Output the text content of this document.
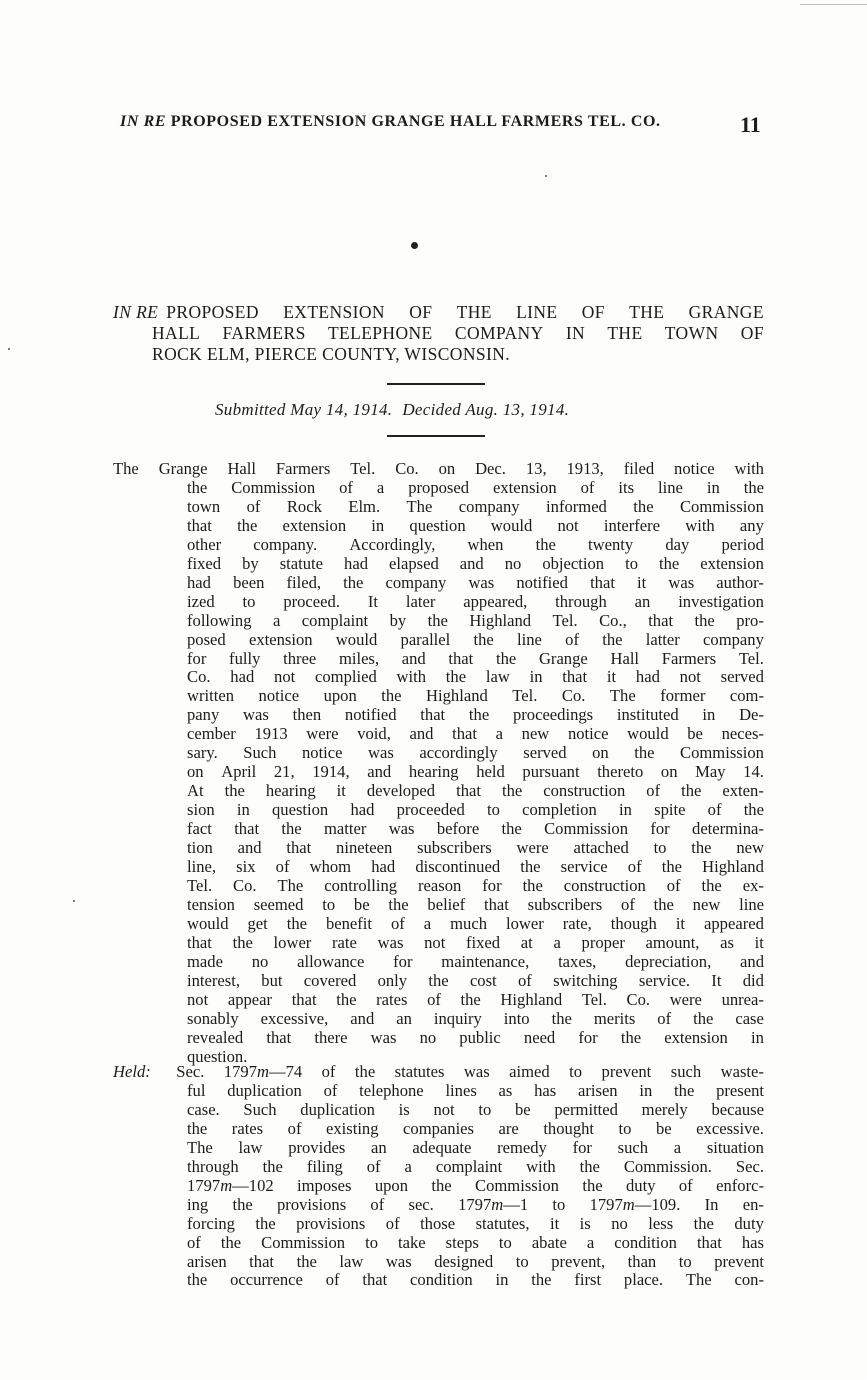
IN RE PROPOSED EXTENSION GRANGE HALL FARMERS TEL. CO.	11
IN RE PROPOSED EXTENSION OF THE LINE OF THE GRANGE
HALL FARMERS TELEPHONE COMPANY IN THE TOWN OF
ROCK ELM, PIERCE COUNTY, WISCONSIN.
Submitted May 14, 1914. Decided Aug. 13, 1914.
The Grange Hall Farmers Tel. Co. on Dec. 13, 1913, filed notice with
the Commission of a proposed extension of its line in the
town of Rock Elm. The company informed the Commission
that the extension in question would not interfere with any
other company. Accordingly, when the twenty day period
fixed by statute had elapsed and no objection to the extension
had been filed, the company was notified that it was author-
ized to proceed. It later appeared, through an investigation
following a complaint by the Highland Tel. Co., that the pro-
posed extension would parallel the line of the latter company
for fully three miles, and that the Grange Hall Farmers Tel.
Co. had not complied with the law in that it had not served
written notice upon the Highland Tel. Co. The former com-
pany was then notified that the proceedings instituted in De-
cember 1913 were void, and that a new notice would be neces-
sary. Such notice was accordingly served on the Commission
on April 21, 1914, and hearing held pursuant thereto on May 14.
At the hearing it developed that the construction of the exten-
sion in question had proceeded to completion in spite of the
fact that the matter was before the Commission for determina-
tion and that nineteen subscribers were attached to the new
line, six of whom had discontinued the service of the Highland
Tel. Co. The controlling reason for the construction of the ex-
tension seemed to be the belief that subscribers of the new line
would get the benefit of a much lower rate, though it appeared
that the lower rate was not fixed at a proper amount, as it
made no allowance for maintenance, taxes, depreciation, and
interest, but covered only the cost of switching service. It did
not appear that the rates of the Highland Tel. Co. were unrea-
sonably excessive, and an inquiry into the merits of the case
revealed that there was no public need for the extension in
question.
Held: Sec. 1797m—74 of the statutes was aimed to prevent such waste-
ful duplication of telephone lines as has arisen in the present
case. Such duplication is not to be permitted merely because
the rates of existing companies are thought to be excessive.
The law provides an adequate remedy for such a situation
through the filing of a complaint with the Commission. Sec.
1797m—102 imposes upon the Commission the duty of enforc-
ing the provisions of sec. 1797m—1 to 1797m—109. In en-
forcing the provisions of those statutes, it is no less the duty
of the Commission to take steps to abate a condition that has
arisen that the law was designed to prevent, than to prevent
the occurrence of that condition in the first place. The con-
